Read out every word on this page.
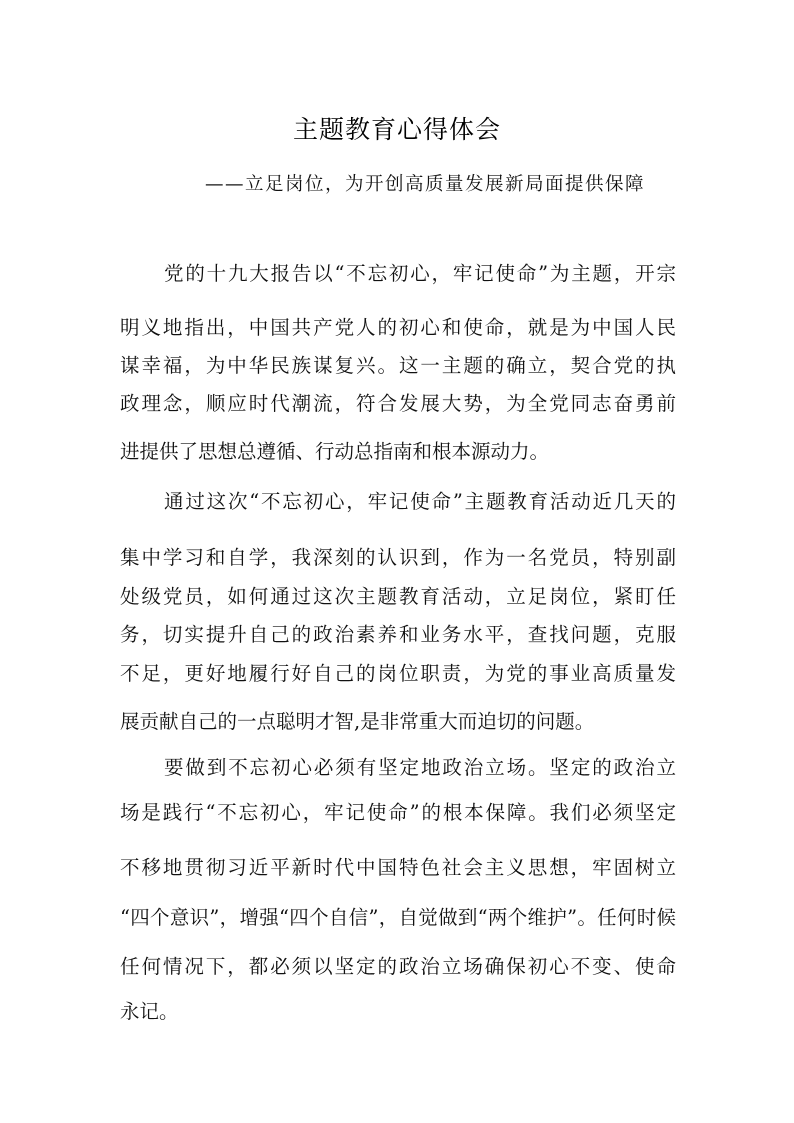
主题教育心得体会
——立足岗位，为开创高质量发展新局面提供保障
党的十九大报告以“不忘初心，牢记使命”为主题，开宗
明义地指出，中国共产党人的初心和使命，就是为中国人民
谋幸福，为中华民族谋复兴。这一主题的确立，契合党的执
政理念，顺应时代潮流，符合发展大势，为全党同志奋勇前
进提供了思想总遵循、行动总指南和根本源动力。
通过这次“不忘初心，牢记使命”主题教育活动近几天的
集中学习和自学，我深刻的认识到，作为一名党员，特别副
处级党员，如何通过这次主题教育活动，立足岗位，紧盯任
务，切实提升自己的政治素养和业务水平，查找问题，克服
不足，更好地履行好自己的岗位职责，为党的事业高质量发
展贡献自己的一点聪明才智,是非常重大而迫切的问题。
要做到不忘初心必须有坚定地政治立场。坚定的政治立
场是践行“不忘初心，牢记使命”的根本保障。我们必须坚定
不移地贯彻习近平新时代中国特色社会主义思想，牢固树立
“四个意识”，增强“四个自信”，自觉做到“两个维护”。任何时候
任何情况下，都必须以坚定的政治立场确保初心不变、使命
永记。
